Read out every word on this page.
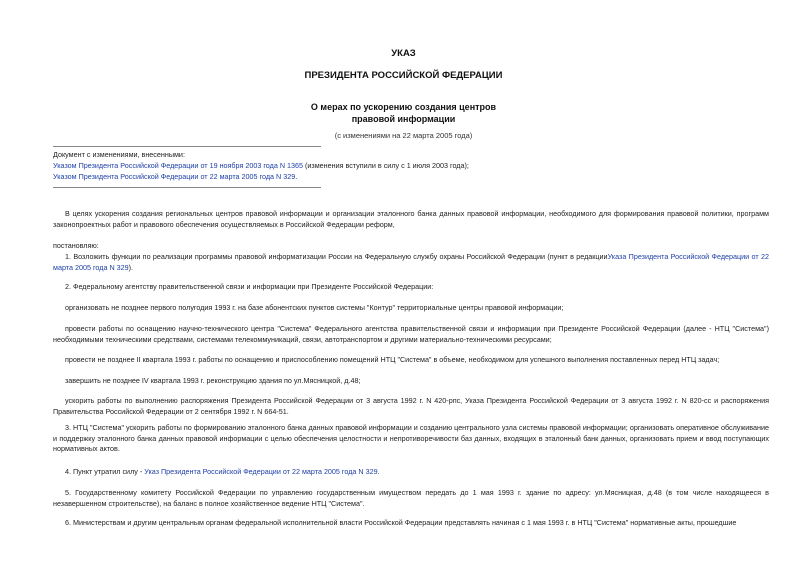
УКАЗ
ПРЕЗИДЕНТА РОССИЙСКОЙ ФЕДЕРАЦИИ
О мерах по ускорению создания центров
правовой информации
(с изменениями на 22 марта 2005 года)
Документ с изменениями, внесенными:
Указом Президента Российской Федерации от 19 ноября 2003 года N 1365 (изменения вступили в силу с 1 июля 2003 года);
Указом Президента Российской Федерации от 22 марта 2005 года N 329.
В целях ускорения создания региональных центров правовой информации и организации эталонного банка данных правовой информации, необходимого для формирования правовой политики, программ законопроектных работ и правового обеспечения осуществляемых в Российской Федерации реформ,
постановляю:
1. Возложить функции по реализации программы правовой информатизации России на Федеральную службу охраны Российской Федерации (пункт в редакцииУказа Президента Российской Федерации от 22 марта 2005 года N 329).
2. Федеральному агентству правительственной связи и информации при Президенте Российской Федерации:
организовать не позднее первого полугодия 1993 г. на базе абонентских пунктов системы "Контур" территориальные центры правовой информации;
провести работы по оснащению научно-технического центра "Система" Федерального агентства правительственной связи и информации при Президенте Российской Федерации (далее - НТЦ "Система") необходимыми техническими средствами, системами телекоммуникаций, связи, автотранспортом и другими материально-техническими ресурсами;
провести не позднее II квартала 1993 г. работы по оснащению и приспособлению помещений НТЦ "Система" в объеме, необходимом для успешного выполнения поставленных перед НТЦ задач;
завершить не позднее IV квартала 1993 г. реконструкцию здания по ул.Мясницкой, д.48;
ускорить работы по выполнению распоряжения Президента Российской Федерации от 3 августа 1992 г. N 420-рпс, Указа Президента Российской Федерации от 3 августа 1992 г. N 820-сс и распоряжения Правительства Российской Федерации от 2 сентября 1992 г. N 664-51.
3. НТЦ "Система" ускорить работы по формированию эталонного банка данных правовой информации и созданию центрального узла системы правовой информации; организовать оперативное обслуживание и поддержку эталонного банка данных правовой информации с целью обеспечения целостности и непротиворечивости баз данных, входящих в эталонный банк данных, организовать прием и ввод поступающих нормативных актов.
4. Пункт утратил силу - Указ Президента Российской Федерации от 22 марта 2005 года N 329.
5. Государственному комитету Российской Федерации по управлению государственным имуществом передать до 1 мая 1993 г. здание по адресу: ул.Мясницкая, д.48 (в том числе находящееся в незавершенном строительстве), на баланс в полное хозяйственное ведение НТЦ "Система".
6. Министерствам и другим центральным органам федеральной исполнительной власти Российской Федерации представлять начиная с 1 мая 1993 г. в НТЦ "Система" нормативные акты, прошедшие
